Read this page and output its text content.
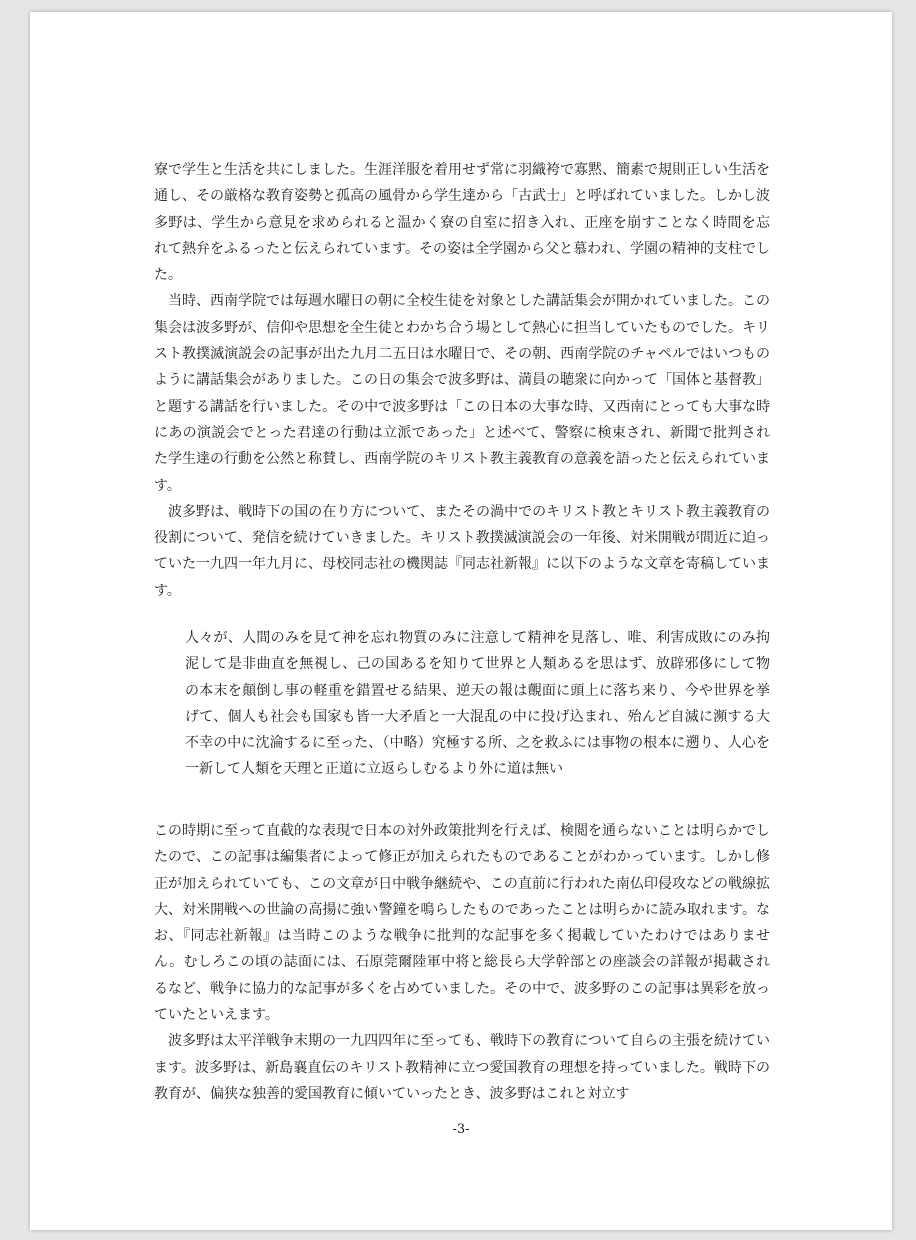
寮で学生と生活を共にしました。生涯洋服を着用せず常に羽織袴で寡黙、簡素で規則正しい生活を通し、その厳格な教育姿勢と孤高の風骨から学生達から「古武士」と呼ばれていました。しかし波多野は、学生から意見を求められると温かく寮の自室に招き入れ、正座を崩すことなく時間を忘れて熱弁をふるったと伝えられています。その姿は全学園から父と慕われ、学園の精神的支柱でした。

当時、西南学院では毎週水曜日の朝に全校生徒を対象とした講話集会が開かれていました。この集会は波多野が、信仰や思想を全生徒とわかち合う場として熱心に担当していたものでした。キリスト教撲滅演説会の記事が出た九月二五日は水曜日で、その朝、西南学院のチャペルではいつものように講話集会がありました。この日の集会で波多野は、満員の聴衆に向かって「国体と基督教」と題する講話を行いました。その中で波多野は「この日本の大事な時、又西南にとっても大事な時にあの演説会でとった君達の行動は立派であった」と述べて、警察に検束され、新聞で批判された学生達の行動を公然と称賛し、西南学院のキリスト教主義教育の意義を語ったと伝えられています。

波多野は、戦時下の国の在り方について、またその渦中でのキリスト教とキリスト教主義教育の役割について、発信を続けていきました。キリスト教撲滅演説会の一年後、対米開戦が間近に迫っていた一九四一年九月に、母校同志社の機関誌『同志社新報』に以下のような文章を寄稿しています。

人々が、人間のみを見て神を忘れ物質のみに注意して精神を見落し、唯、利害成敗にのみ拘泥して是非曲直を無視し、己の国あるを知りて世界と人類あるを思はず、放辟邪侈にして物の本末を顛倒し事の軽重を錯置せる結果、逆天の報は覿面に頭上に落ち来り、今や世界を挙げて、個人も社会も国家も皆一大矛盾と一大混乱の中に投げ込まれ、殆んど自滅に瀕する大不幸の中に沈淪するに至った、（中略）究極する所、之を救ふには事物の根本に遡り、人心を一新して人類を天理と正道に立返らしむるより外に道は無い

この時期に至って直截的な表現で日本の対外政策批判を行えば、検閲を通らないことは明らかでしたので、この記事は編集者によって修正が加えられたものであることがわかっています。しかし修正が加えられていても、この文章が日中戦争継続や、この直前に行われた南仏印侵攻などの戦線拡大、対米開戦への世論の高揚に強い警鐘を鳴らしたものであったことは明らかに読み取れます。なお、『同志社新報』は当時このような戦争に批判的な記事を多く掲載していたわけではありません。むしろこの頃の誌面には、石原莞爾陸軍中将と総長ら大学幹部との座談会の詳報が掲載されるなど、戦争に協力的な記事が多くを占めていました。その中で、波多野のこの記事は異彩を放っていたといえます。

波多野は太平洋戦争末期の一九四四年に至っても、戦時下の教育について自らの主張を続けています。波多野は、新島襄直伝のキリスト教精神に立つ愛国教育の理想を持っていました。戦時下の教育が、偏狭な独善的愛国教育に傾いていったとき、波多野はこれと対立す

-3-
